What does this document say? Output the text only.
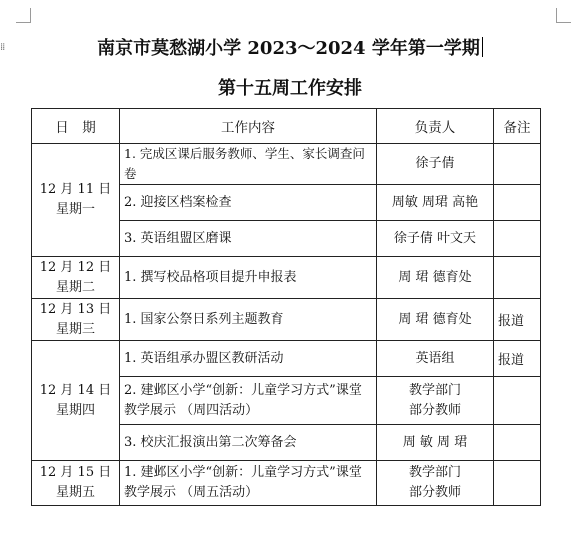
⁞⁞	南京市莫愁湖小学 2023～2024 学年第一学期
第十五周工作安排
日　期	工作内容	负责人	备注
12 月 11 日
星期一	1. 完成区课后服务教师、学生、家长调查问卷	徐子倩	
	2. 迎接区档案检查	周敏 周珺 高艳	
	3. 英语组盟区磨课	徐子倩 叶文天	
12 月 12 日
星期二	1. 撰写校品格项目提升申报表	周 珺 德育处	
12 月 13 日
星期三	1. 国家公祭日系列主题教育	周 珺 德育处	报道
12 月 14 日
星期四	1. 英语组承办盟区教研活动	英语组	报道
	2. 建邺区小学“创新：儿童学习方式”课堂教学展示 （周四活动）	教学部门
部分教师	
	3. 校庆汇报演出第二次筹备会	周 敏 周 珺	
12 月 15 日
星期五	1. 建邺区小学“创新：儿童学习方式”课堂教学展示 （周五活动）	教学部门
部分教师	
